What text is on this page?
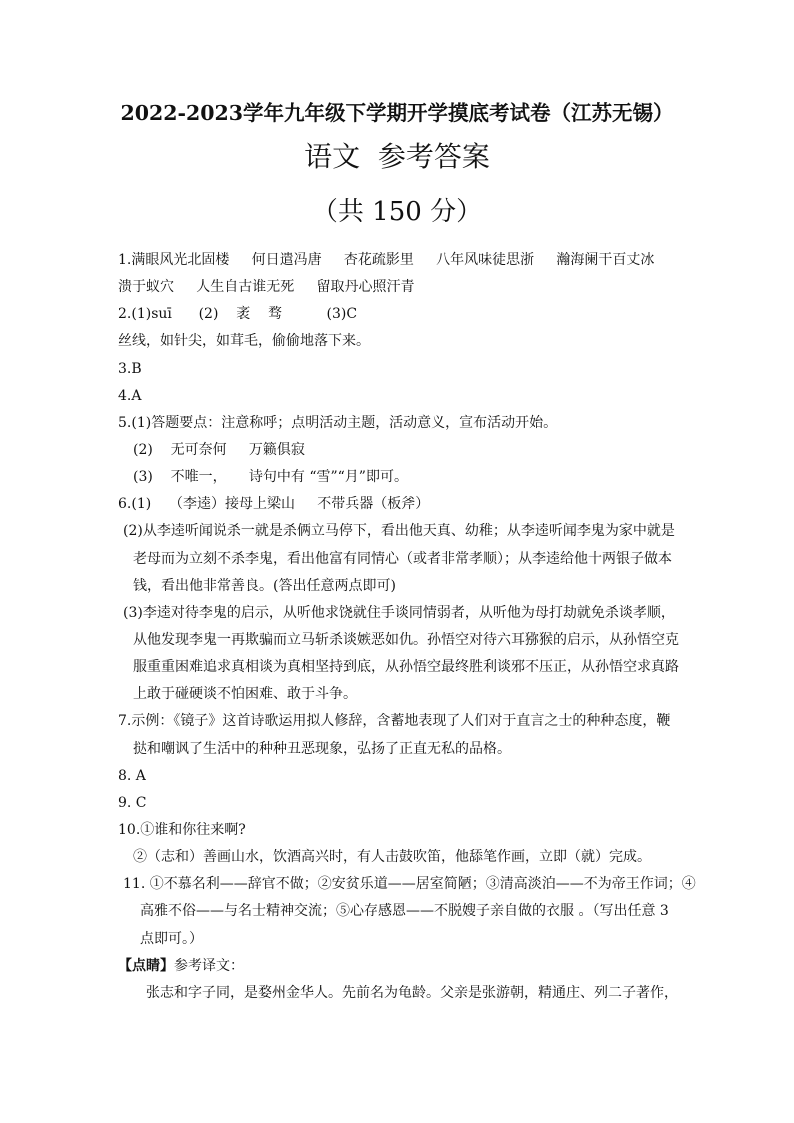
2022-2023学年九年级下学期开学摸底考试卷（江苏无锡）
语文  参考答案
（共 150 分）
1.满眼风光北固楼     何日遣冯唐     杏花疏影里     八年风味徒思浙     瀚海阑干百丈冰
溃于蚁穴     人生自古谁无死     留取丹心照汗青
2.(1)suī      (2)    袤    骛          (3)C
丝线，如针尖，如茸毛，偷偷地落下来。
3.B
4.A
5.(1)答题要点：注意称呼；点明活动主题，活动意义，宣布活动开始。
(2)    无可奈何     万籁俱寂
(3)    不唯一，     诗句中有 “雪”“月”即可。
6.(1)    （李逵）接母上梁山     不带兵器（板斧）
(2)从李逵听闻说杀一就是杀俩立马停下，看出他天真、幼稚；从李逵听闻李鬼为家中就是
老母而为立刻不杀李鬼，看出他富有同情心（或者非常孝顺）；从李逵给他十两银子做本
钱，看出他非常善良。(答出任意两点即可)
(3)李逵对待李鬼的启示，从听他求饶就住手谈同情弱者，从听他为母打劫就免杀谈孝顺，
从他发现李鬼一再欺骗而立马斩杀谈嫉恶如仇。孙悟空对待六耳猕猴的启示，从孙悟空克
服重重困难追求真相谈为真相坚持到底，从孙悟空最终胜利谈邪不压正，从孙悟空求真路
上敢于碰硬谈不怕困难、敢于斗争。
7.示例：《镜子》这首诗歌运用拟人修辞，含蓄地表现了人们对于直言之士的种种态度，鞭
挞和嘲讽了生活中的种种丑恶现象，弘扬了正直无私的品格。
8. A
9. C
10.①谁和你往来啊?
②（志和）善画山水，饮酒高兴时，有人击鼓吹笛，他舔笔作画，立即（就）完成。
11. ①不慕名利——辞官不做；②安贫乐道——居室简陋；③清高淡泊——不为帝王作词；④
高雅不俗——与名士精神交流；⑤心存感恩——不脱嫂子亲自做的衣服 。（写出任意 3
点即可。）
【点睛】参考译文：
张志和字子同，是婺州金华人。先前名为龟龄。父亲是张游朝，精通庄、列二子著作，
